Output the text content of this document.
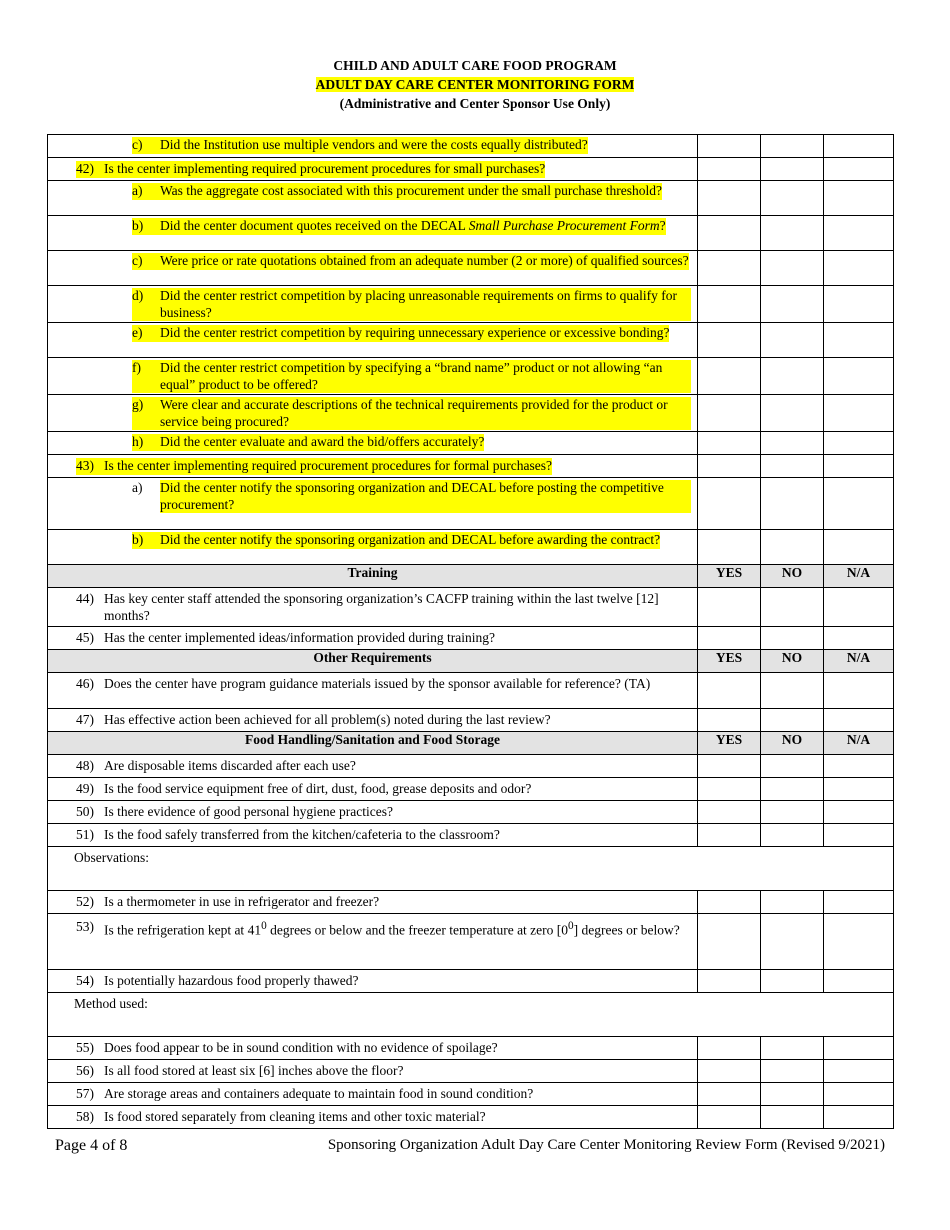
CHILD AND ADULT CARE FOOD PROGRAM
ADULT DAY CARE CENTER MONITORING FORM
(Administrative and Center Sponsor Use Only)
c) Did the Institution use multiple vendors and were the costs equally distributed?			

42) Is the center implementing required procurement procedures for small purchases?			

a) Was the aggregate cost associated with this procurement under the small purchase threshold?			

b) Did the center document quotes received on the DECAL Small Purchase Procurement Form?			

c) Were price or rate quotations obtained from an adequate number (2 or more) of qualified sources?			

d) Did the center restrict competition by placing unreasonable requirements on firms to qualify for business?			

e) Did the center restrict competition by requiring unnecessary experience or excessive bonding?			

f) Did the center restrict competition by specifying a “brand name” product or not allowing “an equal” product to be offered?			

g) Were clear and accurate descriptions of the technical requirements provided for the product or service being procured?			

h) Did the center evaluate and award the bid/offers accurately?			

43) Is the center implementing required procurement procedures for formal purchases?			

a) Did the center notify the sponsoring organization and DECAL before posting the competitive procurement?			

b) Did the center notify the sponsoring organization and DECAL before awarding the contract?			

Training	YES	NO	N/A

44) Has key center staff attended the sponsoring organization’s CACFP training within the last twelve [12] months?			

45) Has the center implemented ideas/information provided during training?			

Other Requirements	YES	NO	N/A

46) Does the center have program guidance materials issued by the sponsor available for reference? (TA)			

47) Has effective action been achieved for all problem(s) noted during the last review?			

Food Handling/Sanitation and Food Storage	YES	NO	N/A

48) Are disposable items discarded after each use?			

49) Is the food service equipment free of dirt, dust, food, grease deposits and odor?			

50) Is there evidence of good personal hygiene practices?			

51) Is the food safely transferred from the kitchen/cafeteria to the classroom?			

Observations:			

52) Is a thermometer in use in refrigerator and freezer?			

53) Is the refrigeration kept at $41^0$ degrees or below and the freezer temperature at zero $[0^0]$ degrees or below?			

54) Is potentially hazardous food properly thawed?			

Method used:			

55) Does food appear to be in sound condition with no evidence of spoilage?			

56) Is all food stored at least six [6] inches above the floor?			

57) Are storage areas and containers adequate to maintain food in sound condition?			

58) Is food stored separately from cleaning items and other toxic material?			

Page 4 of 8	Sponsoring Organization Adult Day Care Center Monitoring Review Form (Revised 9/2021)
